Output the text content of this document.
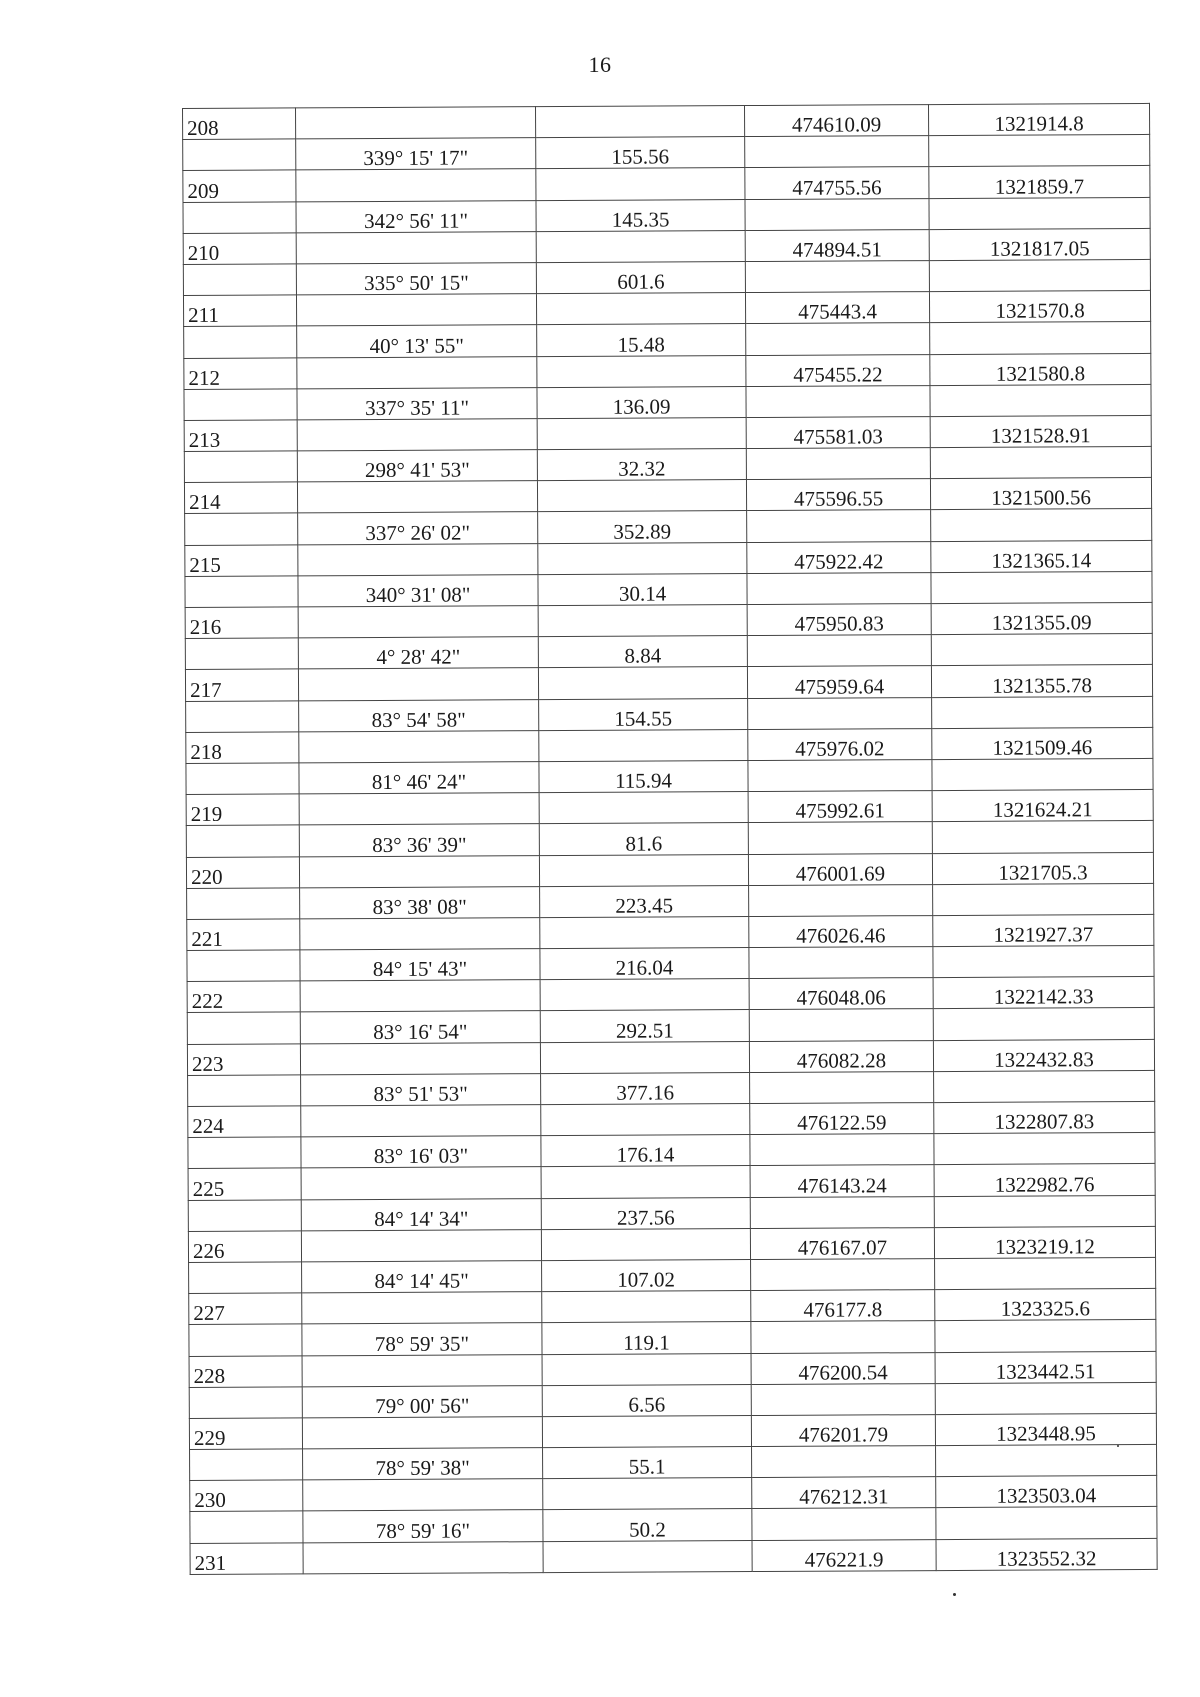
16
208			474610.09	1321914.8
	339° 15' 17"	155.56		
209			474755.56	1321859.7
	342° 56' 11"	145.35		
210			474894.51	1321817.05
	335° 50' 15"	601.6		
211			475443.4	1321570.8
	40° 13' 55"	15.48		
212			475455.22	1321580.8
	337° 35' 11"	136.09		
213			475581.03	1321528.91
	298° 41' 53"	32.32		
214			475596.55	1321500.56
	337° 26' 02"	352.89		
215			475922.42	1321365.14
	340° 31' 08"	30.14		
216			475950.83	1321355.09
	4° 28' 42"	8.84		
217			475959.64	1321355.78
	83° 54' 58"	154.55		
218			475976.02	1321509.46
	81° 46' 24"	115.94		
219			475992.61	1321624.21
	83° 36' 39"	81.6		
220			476001.69	1321705.3
	83° 38' 08"	223.45		
221			476026.46	1321927.37
	84° 15' 43"	216.04		
222			476048.06	1322142.33
	83° 16' 54"	292.51		
223			476082.28	1322432.83
	83° 51' 53"	377.16		
224			476122.59	1322807.83
	83° 16' 03"	176.14		
225			476143.24	1322982.76
	84° 14' 34"	237.56		
226			476167.07	1323219.12
	84° 14' 45"	107.02		
227			476177.8	1323325.6
	78° 59' 35"	119.1		
228			476200.54	1323442.51
	79° 00' 56"	6.56		
229			476201.79	1323448.95
	78° 59' 38"	55.1		
230			476212.31	1323503.04
	78° 59' 16"	50.2		
231			476221.9	1323552.32
